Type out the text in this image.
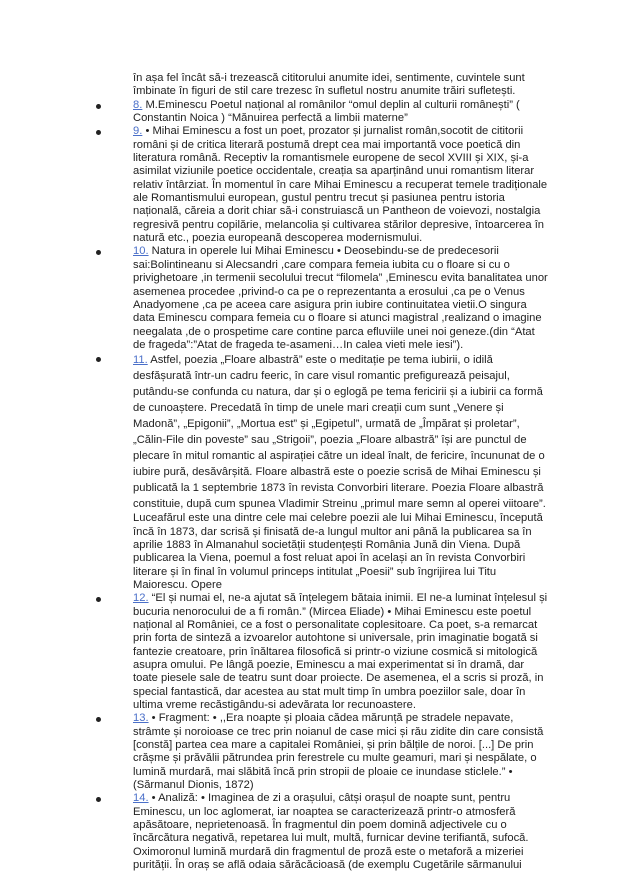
în așa fel încât să-i trezească cititorului anumite idei, sentimente, cuvintele sunt îmbinate în figuri de stil care trezesc în sufletul nostru anumite trăiri sufletești.
8. M.Eminescu Poetul național al românilor “omul deplin al culturii românești” ( Constantin Noica ) “Mănuirea perfectă a limbii materne”
9. • Mihai Eminescu a fost un poet, prozator și jurnalist român,socotit de cititorii români și de critica literară postumă drept cea mai importantă voce poetică din literatura română. Receptiv la romantismele europene de secol XVIII și XIX, și-a asimilat viziunile poetice occidentale, creația sa aparținând unui romantism literar relativ întârziat. În momentul în care Mihai Eminescu a recuperat temele tradiționale ale Romantismului european, gustul pentru trecut și pasiunea pentru istoria națională, căreia a dorit chiar să-i construiască un Pantheon de voievozi, nostalgia regresivă pentru copilărie, melancolia și cultivarea stărilor depresive, întoarcerea în natură etc., poezia europeană descoperea modernismului.
10. Natura in operele lui Mihai Eminescu • Deosebindu-se de predecesorii sai:Bolintineanu si Alecsandri ,care compara femeia iubita cu o floare si cu o privighetoare ,in termenii secolului trecut “filomela” ,Eminescu evita banalitatea unor asemenea procedee ,privind-o ca pe o reprezentanta a erosului ,ca pe o Venus Anadyomene ,ca pe aceea care asigura prin iubire continuitatea vietii.O singura data Eminescu compara femeia cu o floare si atunci magistral ,realizand o imagine neegalata ,de o prospetime care contine parca efluviile unei noi geneze.(din “Atat de frageda”:”Atat de frageda te-asameni…In calea vieti mele iesi”).
11. Astfel, poezia „Floare albastră” este o meditație pe tema iubirii, o idilă desfășurată într-un cadru feeric, în care visul romantic prefigurează peisajul, putându-se confunda cu natura, dar și o eglogă pe tema fericirii și a iubirii ca formă de cunoaștere. Precedată în timp de unele mari creații cum sunt „Venere și Madonă”, „Epigonii”, „Mortua est” și „Egipetul”, urmată de „Împărat și proletar”, „Călin-File din poveste” sau „Strigoii”, poezia „Floare albastră” își are punctul de plecare în mitul romantic al aspirației către un ideal înalt, de fericire, încununat de o iubire pură, desăvârșită. Floare albastră este o poezie scrisă de Mihai Eminescu și publicată la 1 septembrie 1873 în revista Convorbiri literare. Poezia Floare albastră constituie, după cum spunea Vladimir Streinu „primul mare semn al operei viitoare”.
Luceafărul este una dintre cele mai celebre poezii ale lui Mihai Eminescu, începută încă în 1873, dar scrisă și finisată de-a lungul multor ani până la publicarea sa în aprilie 1883 în Almanahul societății studențești România Jună din Viena. După publicarea la Viena, poemul a fost reluat apoi în același an în revista Convorbiri literare și în final în volumul princeps intitulat „Poesii” sub îngrijirea lui Titu Maiorescu. Opere
12. “El și numai el, ne-a ajutat să înțelegem bătaia inimii. El ne-a luminat înțelesul și bucuria nenorocului de a fi român.” (Mircea Eliade) • Mihai Eminescu este poetul național al României, ce a fost o personalitate coplesitoare. Ca poet, s-a remarcat prin forta de sinteză a izvoarelor autohtone si universale, prin imaginatie bogată si fantezie creatoare, prin înăltarea filosofică si printr-o viziune cosmică si mitologică asupra omului. Pe lângă poezie, Eminescu a mai experimentat si în dramă, dar toate piesele sale de teatru sunt doar proiecte. De asemenea, el a scris si proză, in special fantastică, dar acestea au stat mult timp în umbra poeziilor sale, doar în ultima vreme recăstigându-si adevărata lor recunoastere.
13. • Fragment: • ,,Era noapte și ploaia cădea mărunță pe stradele nepavate, strâmte și noroioase ce trec prin noianul de case mici și rău zidite din care consistă [constă] partea cea mare a capitalei României, și prin bălțile de noroi. [...] De prin crășme și prăvălii pătrundea prin ferestrele cu multe geamuri, mari și nespălate, o lumină murdară, mai slăbită încă prin stropii de ploaie ce inundase sticlele.” • (Sărmanul Dionis, 1872)
14. • Analiză: • Imaginea de zi a orașului, câtși orașul de noapte sunt, pentru Eminescu, un loc aglomerat, iar noaptea se caracterizează printr-o atmosferă apăsătoare, neprietenoasă. În fragmentul din poem domină adjectivele cu o încărcătura negativă, repetarea lui mult, multă, furnicar devine terifiantă, sufocă. Oximoronul lumină murdară din fragmentul de proză este o metaforă a mizeriei purității. În oraș se află odaia sărăcăcioasă (de exemplu Cugetările sărmanului
